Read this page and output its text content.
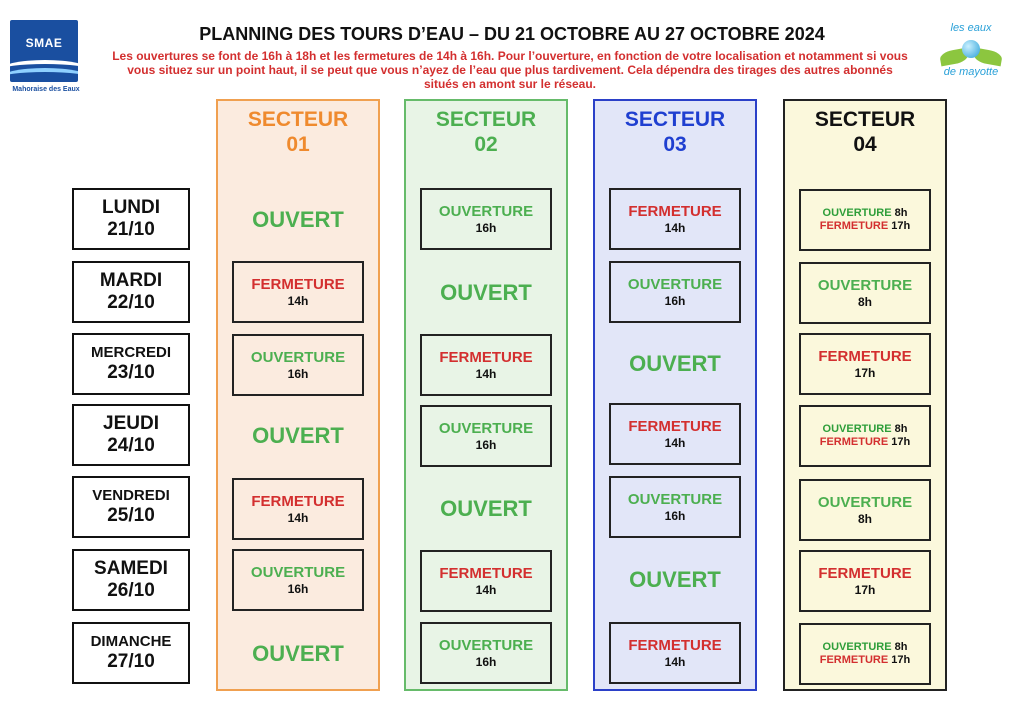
PLANNING DES TOURS D’EAU – DU 21 OCTOBRE AU 27 OCTOBRE 2024
Les ouvertures se font de 16h à 18h et les fermetures de 14h à 16h. Pour l’ouverture, en fonction de votre localisation et notamment si vous vous situez sur un point haut, il se peut que vous n’ayez de l’eau que plus tardivement. Cela dépendra des tirages des autres abonnés situés en amont sur le réseau.
SMAE
Mahoraise des Eaux
les eaux
de mayotte
LUNDI
21/10
MARDI
22/10
MERCREDI
23/10
JEUDI
24/10
VENDREDI
25/10
SAMEDI
26/10
DIMANCHE
27/10
SECTEUR
01
OUVERT
FERMETURE
14h
OUVERTURE
16h
OUVERT
FERMETURE
14h
OUVERTURE
16h
OUVERT
SECTEUR
02
OUVERTURE
16h
OUVERT
FERMETURE
14h
OUVERTURE
16h
OUVERT
FERMETURE
14h
OUVERTURE
16h
SECTEUR
03
FERMETURE
14h
OUVERTURE
16h
OUVERT
FERMETURE
14h
OUVERTURE
16h
OUVERT
FERMETURE
14h
SECTEUR
04
OUVERTURE 8h
FERMETURE 17h
OUVERTURE
8h
FERMETURE
17h
OUVERTURE 8h
FERMETURE 17h
OUVERTURE
8h
FERMETURE
17h
OUVERTURE 8h
FERMETURE 17h
